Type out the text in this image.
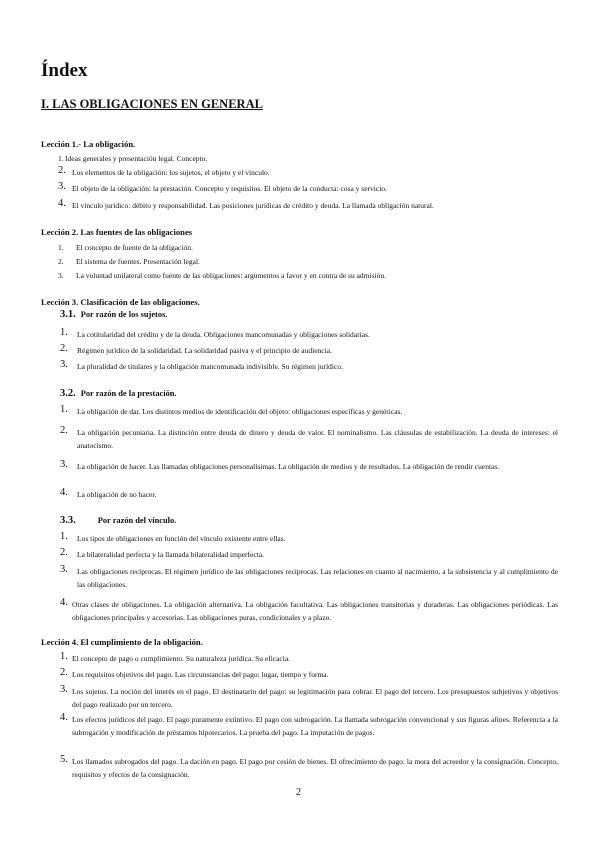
Índex
I. LAS OBLIGACIONES EN GENERAL
Lección 1.- La obligación.
1. Ideas generales y presentación legal. Concepto.
2. Los elementos de la obligación: los sujetos, el objeto y el vínculo.
3. El objeto de la obligación: la prestación. Concepto y requisitos. El objeto de la conducta: cosa y servicio.
4. El vínculo jurídico: débito y responsabilidad. Las posiciones jurídicas de crédito y deuda. La llamada obligación natural.
Lección 2. Las fuentes de las obligaciones
1.	El concepto de fuente de la obligación.
2.	El sistema de fuentes. Presentación legal.
3.	La voluntad unilateral como fuente de las obligaciones: argumentos a favor y en contra de su admisión.
Lección 3. Clasificación de las obligaciones.
3.1. Por razón de los sujetos.
1.	La cotitularidad del crédito y de la deuda. Obligaciones mancomunadas y obligaciones solidarias.
2.	Régimen jurídico de la solidaridad. La solidaridad pasiva y el principio de audiencia.
3.	La pluralidad de titulares y la obligación mancomunada indivisible. Su régimen jurídico.
3.2. Por razón de la prestación.
1.	La obligación de dar. Los distintos medios de identificación del objeto: obligaciones específicas y genéricas.
2.	La obligación pecuniaria. La distinción entre deuda de dinero y deuda de valor. El nominalismo. Las cláusulas de estabilización. La deuda de intereses: el anatocismo.
3.	La obligación de hacer. Las llamadas obligaciones personalísimas. La obligación de medios y de resultados. La obligación de rendir cuentas.
4.	La obligación de no hacer.
3.3.	Por razón del vínculo.
1.	Los tipos de obligaciones en función del vínculo existente entre ellas.
2.	La bilateralidad perfecta y la llamada bilateralidad imperfecta.
3.	Las obligaciones recíprocas. El régimen jurídico de las obligaciones recíprocas. Las relaciones en cuanto al nacimiento, a la subsistencia y al cumplimiento de las obligaciones.
4. Otras clases de obligaciones. La obligación alternativa. La obligación facultativa. Las obligaciones transitorias y duraderas. Las obligaciones periódicas. Las obligaciones principales y accesorias. Las obligaciones puras, condicionales y a plazo.
Lección 4. El cumplimiento de la obligación.
1. El concepto de pago o cumplimiento. Su naturaleza jurídica. Su eficacia.
2. Los requisitos objetivos del pago. Las circunstancias del pago: lugar, tiempo y forma.
3. Los sujetos. La noción del interés en el pago. El destinatario del pago: su legitimación para cobrar. El pago del tercero. Los presupuestos subjetivos y objetivos del pago realizado por un tercero.
4. Los efectos jurídicos del pago. El pago puramente extintivo. El pago con subrogación. La llamada subrogación convencional y sus figuras afines. Referencia a la subrogación y modificación de préstamos hipotecarios. La prueba del pago. La imputación de pagos.
5. Los llamados subrogados del pago. La dación en pago. El pago por cesión de bienes. El ofrecimiento de pago: la mora del acreedor y la consignación. Concepto, requisitos y efectos de la consignación.
2
